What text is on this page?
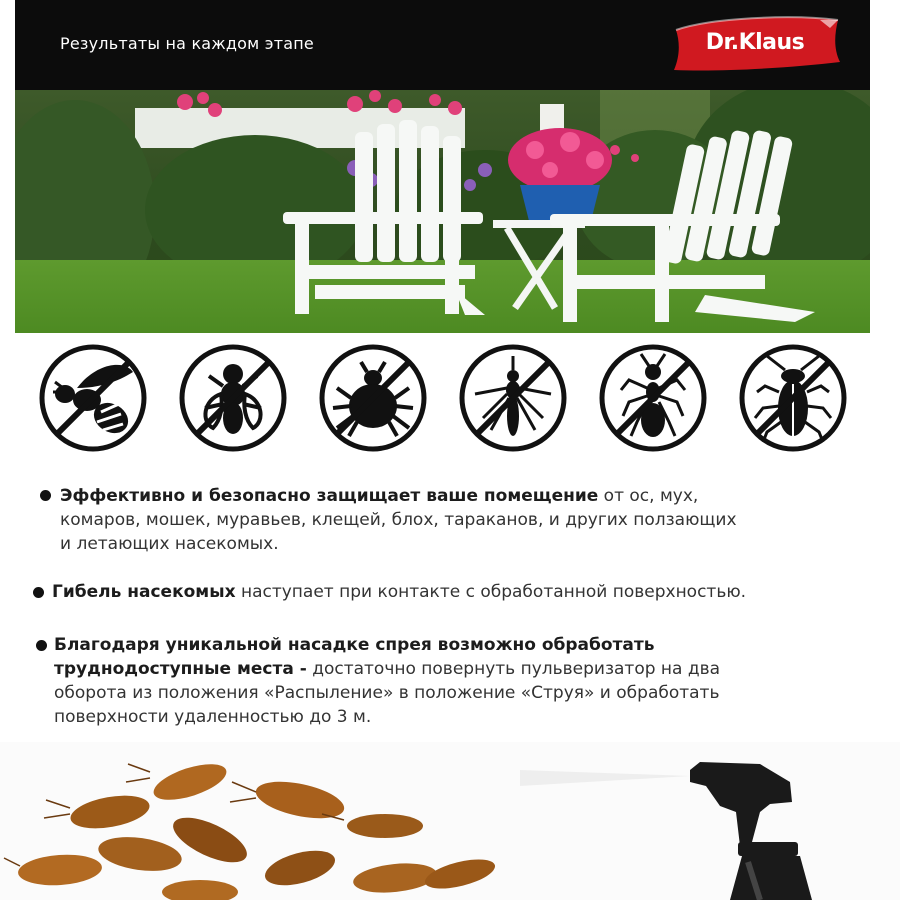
Результаты на каждом этапе	Dr.Klaus
Эффективно и безопасно защищает ваше помещение от ос, мух,
комаров, мошек, муравьев, клещей, блох, тараканов, и других ползающих
и летающих насекомых.
Гибель насекомых наступает при контакте с обработанной поверхностью.
Благодаря уникальной насадке спрея возможно обработать
труднодоступные места - достаточно повернуть пульверизатор на два
оборота из положения «Распыление» в положение «Струя» и обработать
поверхности удаленностью до 3 м.
